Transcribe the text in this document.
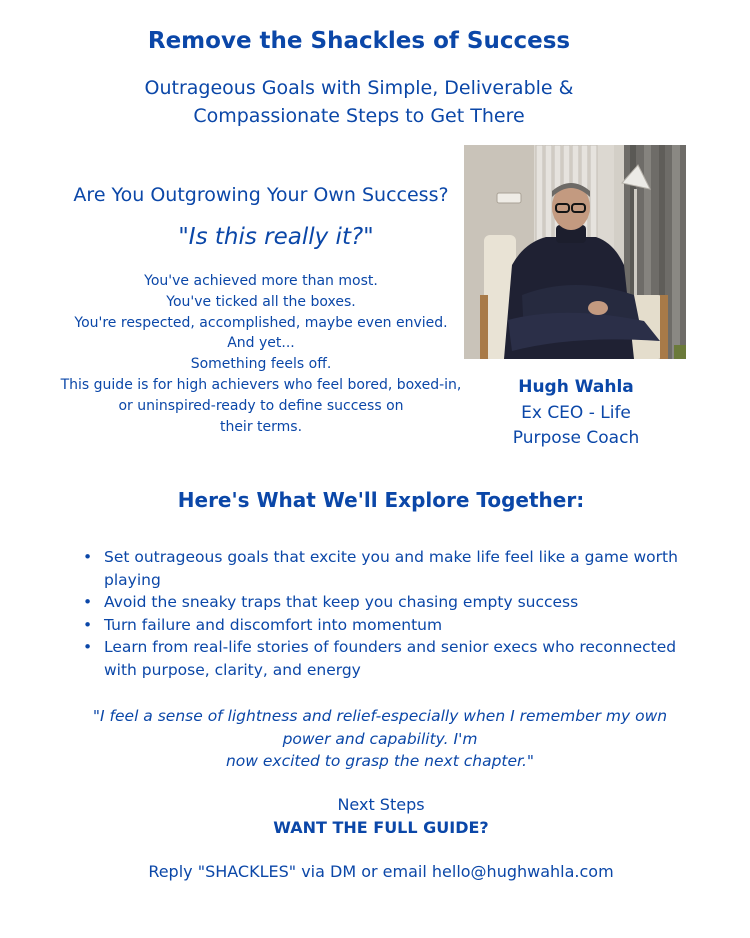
Remove the Shackles of Success
Outrageous Goals with Simple, Deliverable &
Compassionate Steps to Get There
Are You Outgrowing Your Own Success?
"Is this really it?"
You've achieved more than most.
You've ticked all the boxes.
You're respected, accomplished, maybe even envied.
And yet...
Something feels off.
This guide is for high achievers who feel bored, boxed-in,
or uninspired-ready to define success on
their terms.
Hugh Wahla
Ex CEO - Life
Purpose Coach
Here's What We'll Explore Together:
• Set outrageous goals that excite you and make life feel like a game worth playing
• Avoid the sneaky traps that keep you chasing empty success
• Turn failure and discomfort into momentum
• Learn from real-life stories of founders and senior execs who reconnected with purpose, clarity, and energy
"I feel a sense of lightness and relief-especially when I remember my own
power and capability. I'm
now excited to grasp the next chapter."
Next Steps
WANT THE FULL GUIDE?
Reply "SHACKLES" via DM or email hello@hughwahla.com
